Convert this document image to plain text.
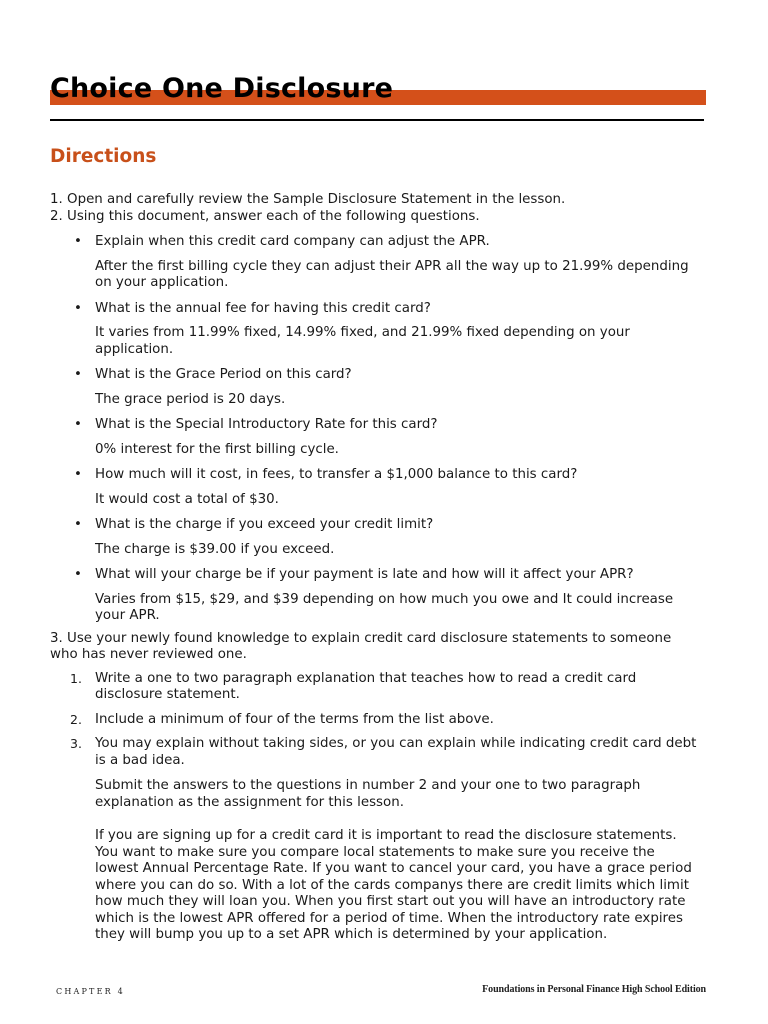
Choice One Disclosure
Directions

1. Open and carefully review the Sample Disclosure Statement in the lesson.

2. Using this document, answer each of the following questions.

• Explain when this credit card company can adjust the APR.

After the first billing cycle they can adjust their APR all the way up to 21.99% depending

on your application.

• What is the annual fee for having this credit card?

It varies from 11.99% fixed, 14.99% fixed, and 21.99% fixed depending on your

application.

• What is the Grace Period on this card?

The grace period is 20 days.

• What is the Special Introductory Rate for this card?

0% interest for the first billing cycle.

• How much will it cost, in fees, to transfer a $1,000 balance to this card?

It would cost a total of $30.

• What is the charge if you exceed your credit limit?

The charge is $39.00 if you exceed.

• What will your charge be if your payment is late and how will it affect your APR?

Varies from $15, $29, and $39 depending on how much you owe and It could increase

your APR.

3. Use your newly found knowledge to explain credit card disclosure statements to someone

who has never reviewed one.

1. Write a one to two paragraph explanation that teaches how to read a credit card

disclosure statement.

2. Include a minimum of four of the terms from the list above.

3. You may explain without taking sides, or you can explain while indicating credit card debt

is a bad idea.

Submit the answers to the questions in number 2 and your one to two paragraph

explanation as the assignment for this lesson.

If you are signing up for a credit card it is important to read the disclosure statements.

You want to make sure you compare local statements to make sure you receive the

lowest Annual Percentage Rate. If you want to cancel your card, you have a grace period

where you can do so. With a lot of the cards companys there are credit limits which limit

how much they will loan you. When you first start out you will have an introductory rate

which is the lowest APR offered for a period of time. When the introductory rate expires

they will bump you up to a set APR which is determined by your application.

CHAPTER 4	Foundations in Personal Finance High School Edition
